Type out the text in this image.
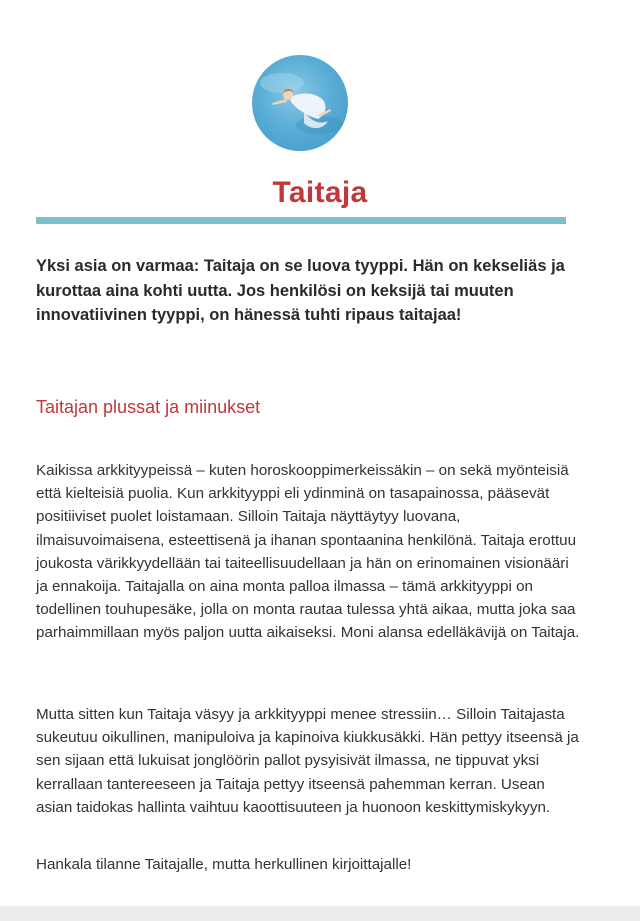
Taitaja

Yksi asia on varmaa: Taitaja on se luova tyyppi. Hän on kekseliäs ja kurottaa aina kohti uutta. Jos henkilösi on keksijä tai muuten innovatiivinen tyyppi, on hänessä tuhti ripaus taitajaa!

Taitajan plussat ja miinukset

Kaikissa arkkityypeissä – kuten horoskooppimerkeissäkin – on sekä myönteisiä että kielteisiä puolia. Kun arkkityyppi eli ydinminä on tasapainossa, pääsevät positiiviset puolet loistamaan. Silloin Taitaja näyttäytyy luovana, ilmaisuvoimaisena, esteettisenä ja ihanan spontaanina henkilönä. Taitaja erottuu joukosta värikkyydellään tai taiteellisuudellaan ja hän on erinomainen visionääri ja ennakoija. Taitajalla on aina monta palloa ilmassa – tämä arkkityyppi on todellinen touhupesäke, jolla on monta rautaa tulessa yhtä aikaa, mutta joka saa parhaimmillaan myös paljon uutta aikaiseksi. Moni alansa edelläkävijä on Taitaja.

Mutta sitten kun Taitaja väsyy ja arkkityyppi menee stressiin… Silloin Taitajasta sukeutuu oikullinen, manipuloiva ja kapinoiva kiukkusäkki. Hän pettyy itseensä ja sen sijaan että lukuisat jonglöörin pallot pysyisivät ilmassa, ne tippuvat yksi kerrallaan tantereeseen ja Taitaja pettyy itseensä pahemman kerran. Usean asian taidokas hallinta vaihtuu kaoottisuuteen ja huonoon keskittymiskykyyn.

Hankala tilanne Taitajalle, mutta herkullinen kirjoittajalle!
